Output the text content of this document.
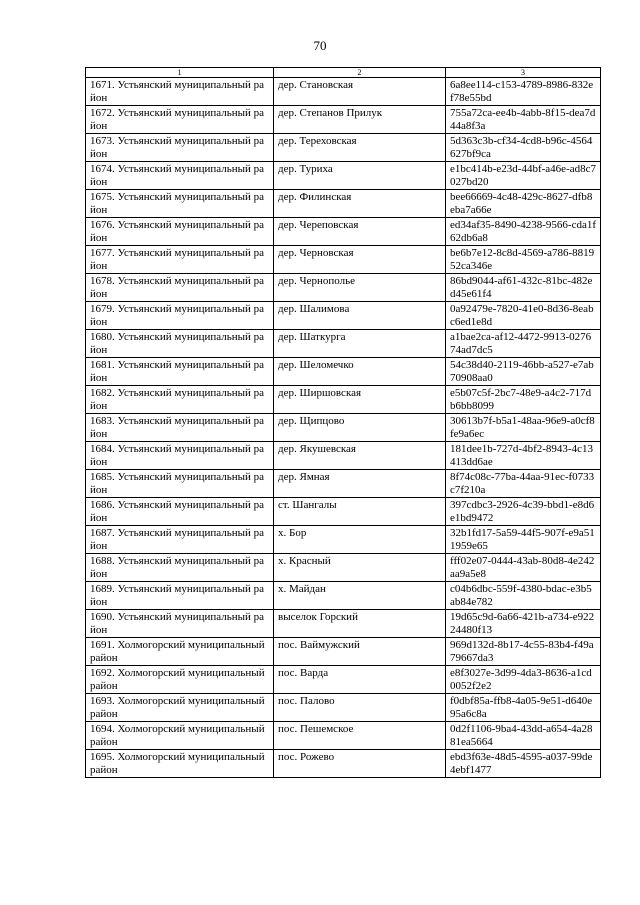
70
1	2	3

1671. Устьянский муниципальный район	дер. Становская	6a8ee114-c153-4789-8986-832ef78e55bd

1672. Устьянский муниципальный район	дер. Степанов Прилук	755a72ca-ee4b-4abb-8f15-dea7d44a8f3a

1673. Устьянский муниципальный район	дер. Тереховская	5d363c3b-cf34-4cd8-b96c-4564627bf9ca

1674. Устьянский муниципальный район	дер. Туриха	e1bc414b-e23d-44bf-a46e-ad8c7027bd20

1675. Устьянский муниципальный район	дер. Филинская	bee66669-4c48-429c-8627-dfb8eba7a66e

1676. Устьянский муниципальный район	дер. Череповская	ed34af35-8490-4238-9566-cda1f62db6a8

1677. Устьянский муниципальный район	дер. Черновская	be6b7e12-8c8d-4569-a786-881952ca346e

1678. Устьянский муниципальный район	дер. Чернополье	86bd9044-af61-432c-81bc-482ed45e61f4

1679. Устьянский муниципальный район	дер. Шалимова	0a92479e-7820-41e0-8d36-8eabc6ed1e8d

1680. Устьянский муниципальный район	дер. Шаткурга	a1bae2ca-af12-4472-9913-027674ad7dc5

1681. Устьянский муниципальный район	дер. Шеломечко	54c38d40-2119-46bb-a527-e7ab70908aa0

1682. Устьянский муниципальный район	дер. Ширшовская	e5b07c5f-2bc7-48e9-a4c2-717db6bb8099

1683. Устьянский муниципальный район	дер. Щипцово	30613b7f-b5a1-48aa-96e9-a0cf8fe9a6ec

1684. Устьянский муниципальный район	дер. Якушевская	181dee1b-727d-4bf2-8943-4c13413dd6ae

1685. Устьянский муниципальный район	дер. Ямная	8f74c08c-77ba-44aa-91ec-f0733c7f210a

1686. Устьянский муниципальный район	ст. Шангалы	397cdbc3-2926-4c39-bbd1-e8d6e1bd9472

1687. Устьянский муниципальный район	х. Бор	32b1fd17-5a59-44f5-907f-e9a511959e65

1688. Устьянский муниципальный район	х. Красный	fff02e07-0444-43ab-80d8-4e242aa9a5e8

1689. Устьянский муниципальный район	х. Майдан	c04b6dbc-559f-4380-bdac-e3b5ab84e782

1690. Устьянский муниципальный район	выселок Горский	19d65c9d-6a66-421b-a734-e92224480f13

1691. Холмогорский муниципальный район	пос. Ваймужский	969d132d-8b17-4c55-83b4-f49a79667da3

1692. Холмогорский муниципальный район	пос. Варда	e8f3027e-3d99-4da3-8636-a1cd0052f2e2

1693. Холмогорский муниципальный район	пос. Палово	f0dbf85a-ffb8-4a05-9e51-d640e95a6c8a

1694. Холмогорский муниципальный район	пос. Пешемское	0d2f1106-9ba4-43dd-a654-4a2881ea5664

1695. Холмогорский муниципальный район	пос. Рожево	ebd3f63e-48d5-4595-a037-99de4ebf1477
